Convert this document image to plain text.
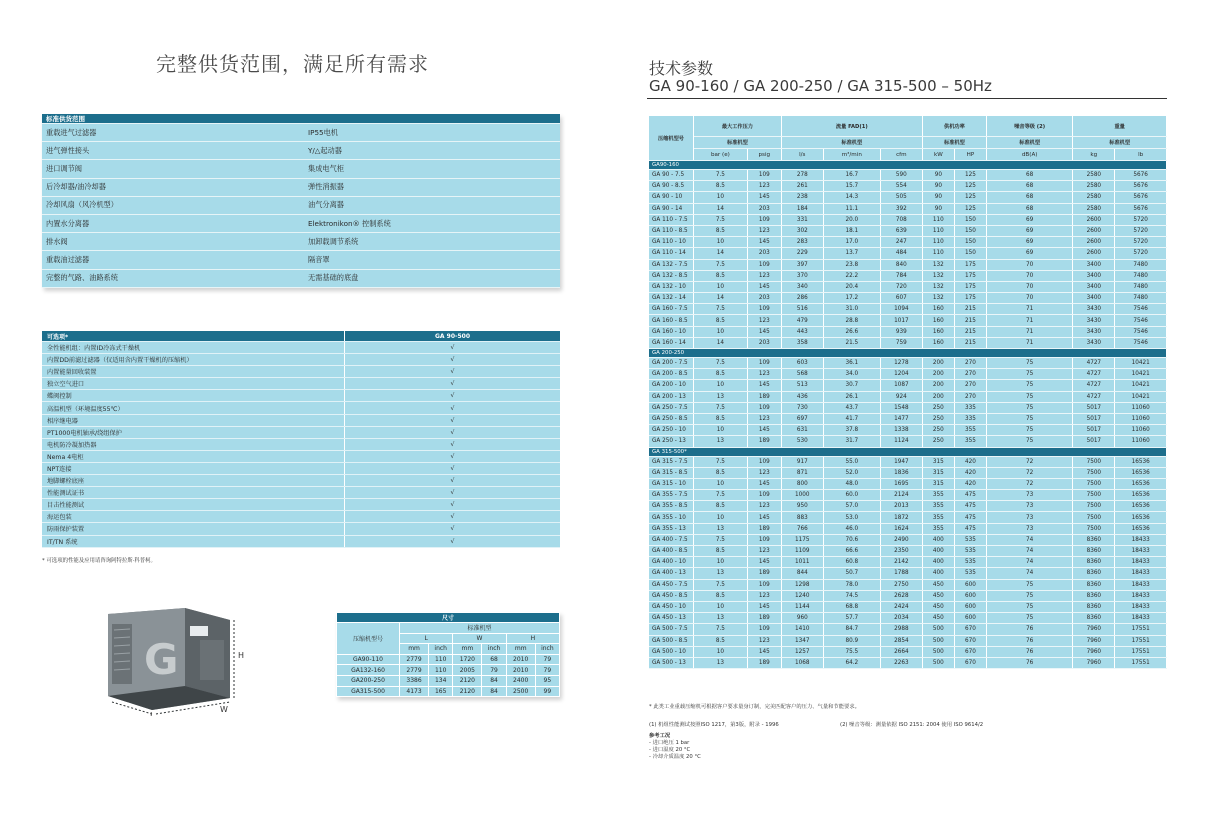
完整供货范围，满足所有需求
标准供货范围	
重载进气过滤器	IP55电机
进气弹性接头	Y/△起动器
进口调节阀	集成电气柜
后冷却器/油冷却器	弹性消振器
冷却风扇（风冷机型）	油气分离器
内置水分离器	Elektronikon® 控制系统
排水阀	加卸载调节系统
重载油过滤器	隔音罩
完整的气路、油路系统	无需基础的底盘
可选项*	GA 90-500
全性能机组：内置ID冷冻式干燥机	√
内置DD前滤过滤器（仅适用含内置干燥机的压缩机）	√
内置能量回收装置	√
独立空气进口	√
蝶阀控制	√
高温机型（环境温度55℃）	√
相序继电器	√
PT1000电机轴承/绕组保护	√
电机防冷凝加热器	√
Nema 4电柜	√
NPT连接	√
地脚螺栓底座	√
性能测试证书	√
目击性能测试	√
海运包装	√
防雨保护装置	√
IT/TN 系统	√
* 可选项的性能及应用请咨询阿特拉斯·科普柯。
G	H
L
W
尺寸						
压缩机型号	标准机型					
	L		W		H	
	mm	inch	mm	inch	mm	inch
GA90-110	2779	110	1720	68	2010	79
GA132-160	2779	110	2005	79	2010	79
GA200-250	3386	134	2120	84	2400	95
GA315-500	4173	165	2120	84	2500	99
技术参数
GA 90-160 / GA 200-250 / GA 315-500 – 50Hz
压缩机型号	最大工作压力		流量 FAD(1)			供机功率		噪音等级 (2)	重量	
	标准机型		标准机型			标准机型		标准机型	标准机型	
	bar (e)	psig	l/s	m³/min	cfm	kW	HP	dB(A)	kg	lb
GA90-160										
GA 90 - 7.5	7.5	109	278	16.7	590	90	125	68	2580	5676
GA 90 - 8.5	8.5	123	261	15.7	554	90	125	68	2580	5676
GA 90 - 10	10	145	238	14.3	505	90	125	68	2580	5676
GA 90 - 14	14	203	184	11.1	392	90	125	68	2580	5676
GA 110 - 7.5	7.5	109	331	20.0	708	110	150	69	2600	5720
GA 110 - 8.5	8.5	123	302	18.1	639	110	150	69	2600	5720
GA 110 - 10	10	145	283	17.0	247	110	150	69	2600	5720
GA 110 - 14	14	203	229	13.7	484	110	150	69	2600	5720
GA 132 - 7.5	7.5	109	397	23.8	840	132	175	70	3400	7480
GA 132 - 8.5	8.5	123	370	22.2	784	132	175	70	3400	7480
GA 132 - 10	10	145	340	20.4	720	132	175	70	3400	7480
GA 132 - 14	14	203	286	17.2	607	132	175	70	3400	7480
GA 160 - 7.5	7.5	109	516	31.0	1094	160	215	71	3430	7546
GA 160 - 8.5	8.5	123	479	28.8	1017	160	215	71	3430	7546
GA 160 - 10	10	145	443	26.6	939	160	215	71	3430	7546
GA 160 - 14	14	203	358	21.5	759	160	215	71	3430	7546
GA 200-250										
GA 200 - 7.5	7.5	109	603	36.1	1278	200	270	75	4727	10421
GA 200 - 8.5	8.5	123	568	34.0	1204	200	270	75	4727	10421
GA 200 - 10	10	145	513	30.7	1087	200	270	75	4727	10421
GA 200 - 13	13	189	436	26.1	924	200	270	75	4727	10421
GA 250 - 7.5	7.5	109	730	43.7	1548	250	335	75	5017	11060
GA 250 - 8.5	8.5	123	697	41.7	1477	250	335	75	5017	11060
GA 250 - 10	10	145	631	37.8	1338	250	355	75	5017	11060
GA 250 - 13	13	189	530	31.7	1124	250	355	75	5017	11060
GA 315-500*										
GA 315 - 7.5	7.5	109	917	55.0	1947	315	420	72	7500	16536
GA 315 - 8.5	8.5	123	871	52.0	1836	315	420	72	7500	16536
GA 315 - 10	10	145	800	48.0	1695	315	420	72	7500	16536
GA 355 - 7.5	7.5	109	1000	60.0	2124	355	475	73	7500	16536
GA 355 - 8.5	8.5	123	950	57.0	2013	355	475	73	7500	16536
GA 355 - 10	10	145	883	53.0	1872	355	475	73	7500	16536
GA 355 - 13	13	189	766	46.0	1624	355	475	73	7500	16536
GA 400 - 7.5	7.5	109	1175	70.6	2490	400	535	74	8360	18433
GA 400 - 8.5	8.5	123	1109	66.6	2350	400	535	74	8360	18433
GA 400 - 10	10	145	1011	60.8	2142	400	535	74	8360	18433
GA 400 - 13	13	189	844	50.7	1788	400	535	74	8360	18433
GA 450 - 7.5	7.5	109	1298	78.0	2750	450	600	75	8360	18433
GA 450 - 8.5	8.5	123	1240	74.5	2628	450	600	75	8360	18433
GA 450 - 10	10	145	1144	68.8	2424	450	600	75	8360	18433
GA 450 - 13	13	189	960	57.7	2034	450	600	75	8360	18433
GA 500 - 7.5	7.5	109	1410	84.7	2988	500	670	76	7960	17551
GA 500 - 8.5	8.5	123	1347	80.9	2854	500	670	76	7960	17551
GA 500 - 10	10	145	1257	75.5	2664	500	670	76	7960	17551
GA 500 - 13	13	189	1068	64.2	2263	500	670	76	7960	17551
* 此类工业重载压缩机可根据客户要求量身订制，完美匹配客户的压力、气量和节能要求。
(1) 机组性能测试按照ISO 1217，第3版，附录 - 1996	(2) 噪音等级：测量依据 ISO 2151: 2004 使用 ISO 9614/2
参考工况
- 进口绝压 1 bar
- 进口温度 20 °C
- 冷却介质温度 20 °C
